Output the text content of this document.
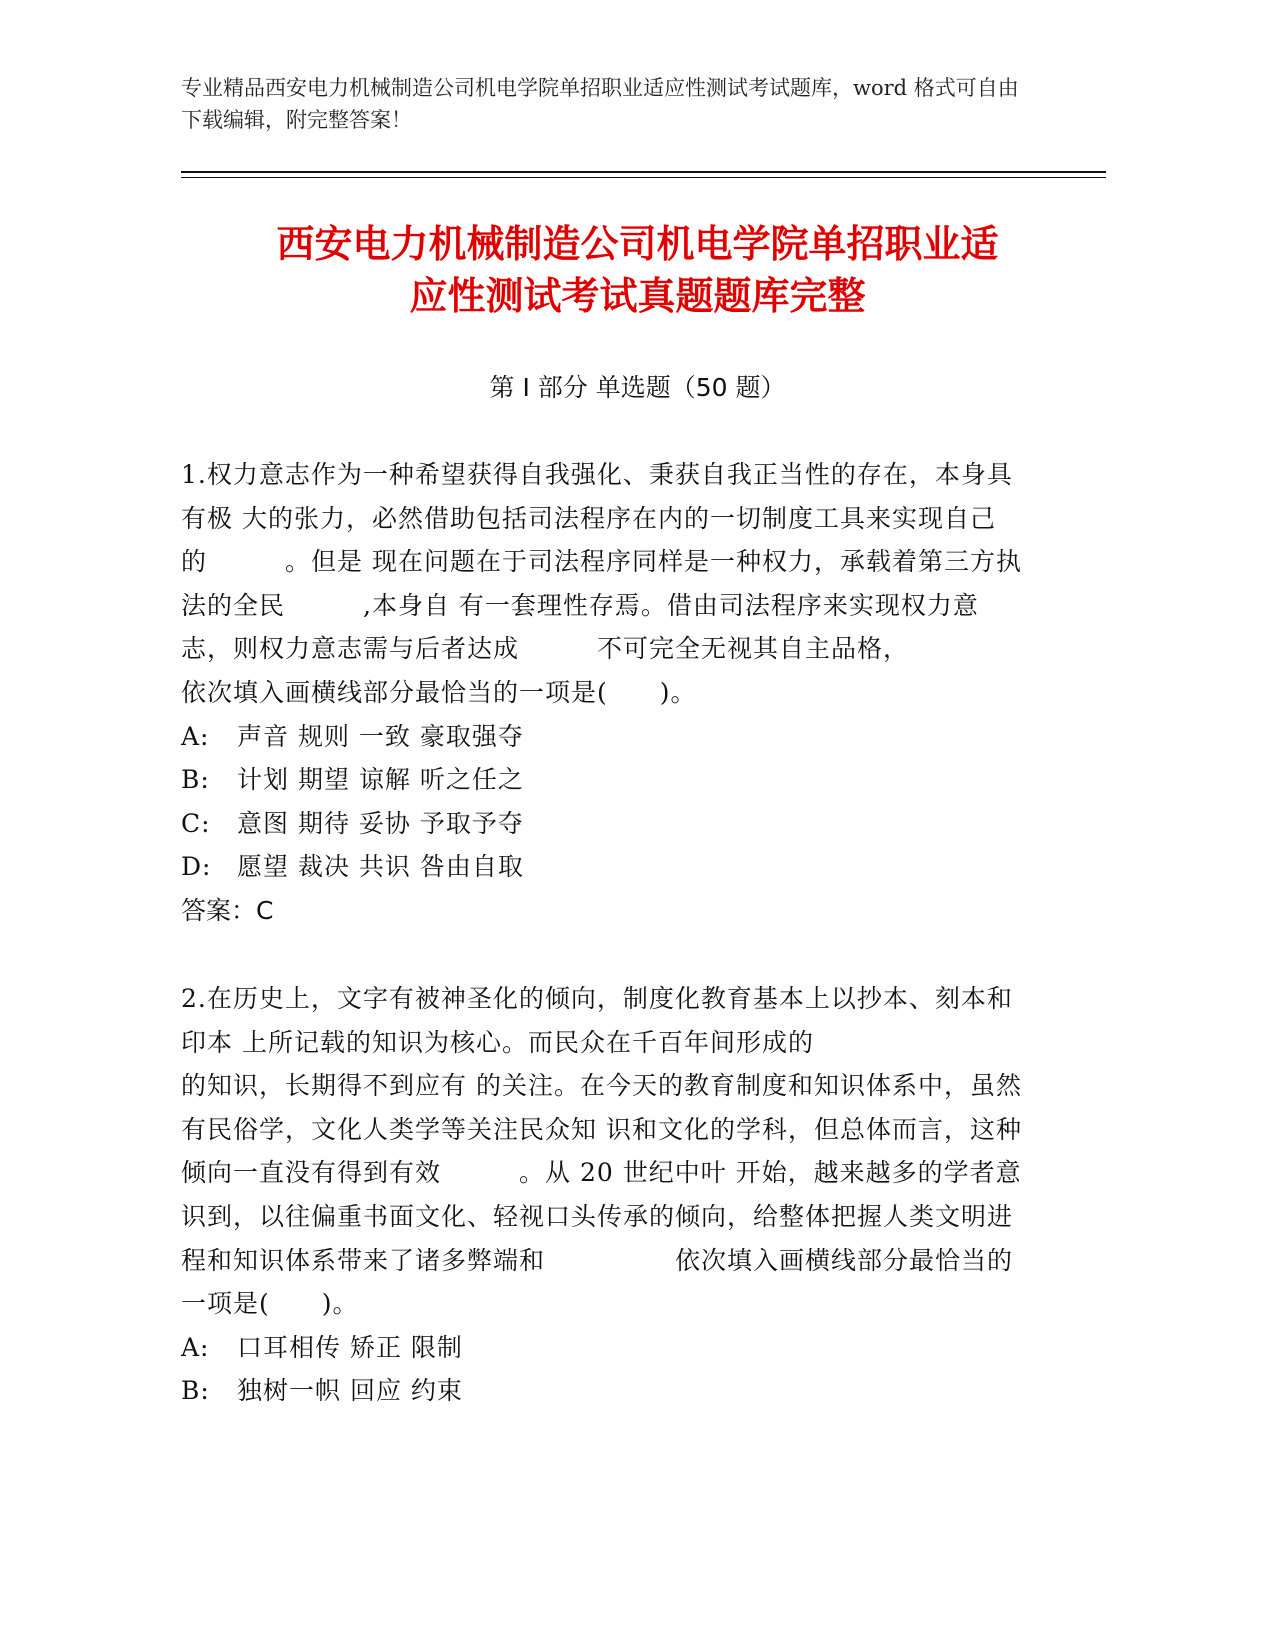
专业精品西安电力机械制造公司机电学院单招职业适应性测试考试题库，word 格式可自由下载编辑，附完整答案！
西安电力机械制造公司机电学院单招职业适
应性测试考试真题题库完整
第 I 部分 单选题（50 题）
1.权力意志作为一种希望获得自我强化、秉获自我正当性的存在，本身具有极 大的张力，必然借助包括司法程序在内的一切制度工具来实现自己的　　　。但是 现在问题在于司法程序同样是一种权力，承载着第三方执法的全民　　　,本身自 有一套理性存焉。借由司法程序来实现权力意志，则权力意志需与后者达成　　　不可完全无视其自主品格，　　　　依次填入画横线部分最恰当的一项是(　　)。
A:	声音 规则 一致 豪取强夺
B:	计划 期望 谅解 听之任之
C:	意图 期待 妥协 予取予夺
D:	愿望 裁决 共识 咎由自取
答案：C
2.在历史上，文字有被神圣化的倾向，制度化教育基本上以抄本、刻本和印本 上所记载的知识为核心。而民众在千百年间形成的　　　　　　　　　　　　　　　的知识，长期得不到应有 的关注。在今天的教育制度和知识体系中，虽然有民俗学，文化人类学等关注民众知 识和文化的学科，但总体而言，这种倾向一直没有得到有效　　　。从 20 世纪中叶 开始，越来越多的学者意识到，以往偏重书面文化、轻视口头传承的倾向，给整体把握人类文明进程和知识体系带来了诸多弊端和　　　　　依次填入画横线部分最恰当的一项是(　　)。
A:	口耳相传 矫正 限制
B:	独树一帜 回应 约束
